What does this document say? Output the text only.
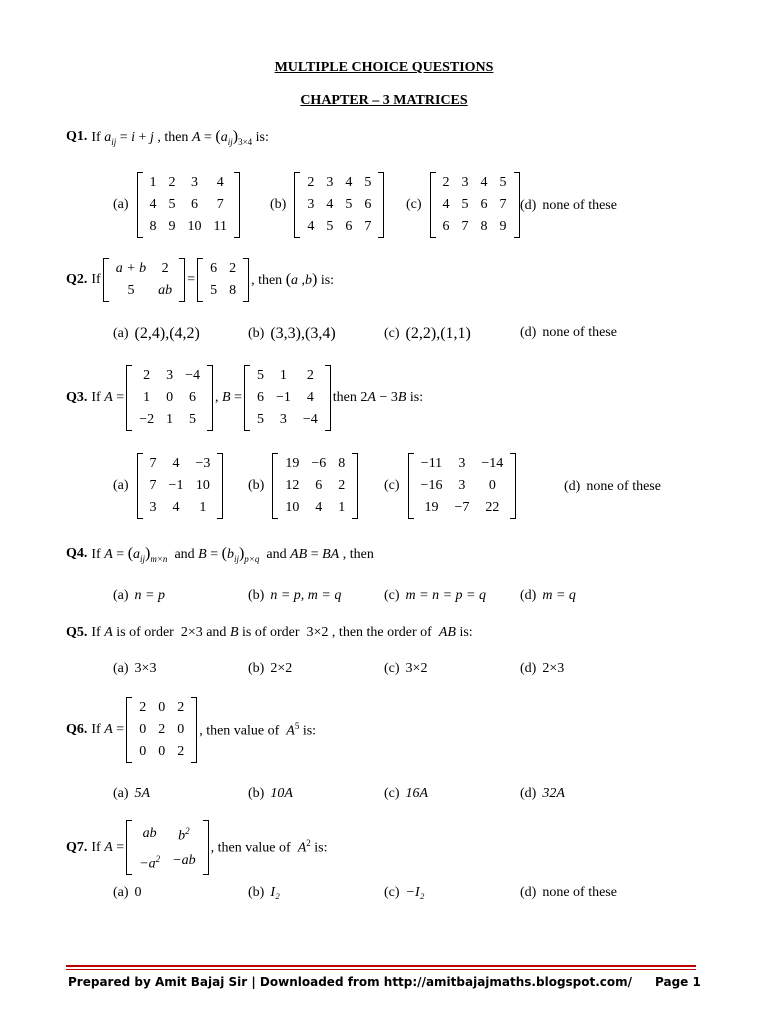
MULTIPLE CHOICE QUESTIONS
CHAPTER – 3 MATRICES
Q1. If $a_{ij} = i + j$ , then $A = (a_{ij})_{3\times 4}$ is:
(a)
1	2	3	4
4	5	6	7
8	9	10	11
(b)
2	3	4	5
3	4	5	6
4	5	6	7
(c)
2	3	4	5
4	5	6	7
6	7	8	9
(d) none of these
Q2. If
a + b	2
5	ab
=
6	2
5	8
, then (a ,b) is:
(a) (2,4),(4,2)	(b) (3,3),(3,4)	(c) (2,2),(1,1)	(d) none of these
Q3. If A =
2	3	−4
1	0	6
−2	1	5
, B =
5	1	2
6	−1	4
5	3	−4
then 2A − 3B is:
(a)
7	4	−3
7	−1	10
3	4	1
(b)
19	−6	8
12	6	2
10	4	1
(c)
−11	3	−14
−16	3	0
19	−7	22
(d) none of these
Q4. If $A = (a_{ij})_{m\times n}$  and $B = (b_{ij})_{p\times q}$  and AB = BA , then
(a) n = p	(b) n = p, m = q	(c) m = n = p = q (d) m = q
Q5. If A is of order  2×3 and B is of order  3×2 , then the order of  AB is:
(a) 3×3	(b) 2×2	(c) 3×2	(d) 2×3
Q6. If A =
2	0	2
0	2	0
0	0	2
, then value of  $A^5$ is:
(a) 5A	(b) 10A	(c) 16A	(d) 32A
Q7. If A =
ab	$b^2$
$-a^2$	−ab
, then value of  $A^2$ is:
(a) 0	(b) I₂	(c) −I₂	(d) none of these
Prepared by Amit Bajaj Sir | Downloaded from http://amitbajajmaths.blogspot.com/ Page 1
